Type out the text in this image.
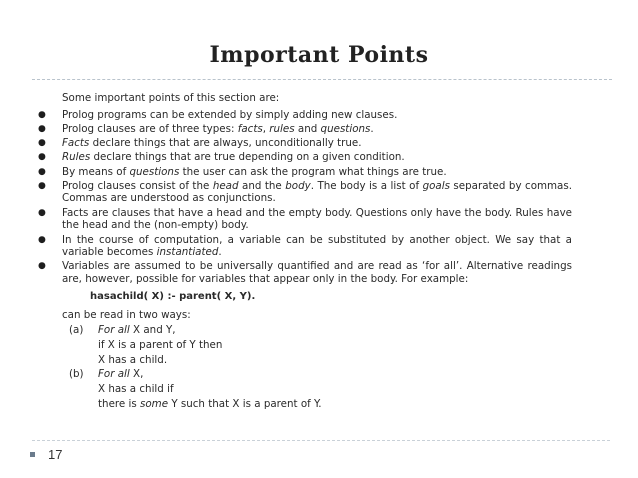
Important Points
Some important points of this section are:
● Prolog programs can be extended by simply adding new clauses.
● Prolog clauses are of three types: facts, rules and questions.
● Facts declare things that are always, unconditionally true.
● Rules declare things that are true depending on a given condition.
● By means of questions the user can ask the program what things are true.
● Prolog clauses consist of the head and the body. The body is a list of goals separated by commas. Commas are understood as conjunctions.
● Facts are clauses that have a head and the empty body. Questions only have the body. Rules have the head and the (non-empty) body.
● In the course of computation, a variable can be substituted by another object. We say that a variable becomes instantiated.
● Variables are assumed to be universally quantified and are read as ‘for all’. Alternative readings are, however, possible for variables that appear only in the body. For example:
hasachild( X) :- parent( X, Y).
can be read in two ways:
(a) For all X and Y,
if X is a parent of Y then
X has a child.
(b) For all X,
X has a child if
there is some Y such that X is a parent of Y.
17
